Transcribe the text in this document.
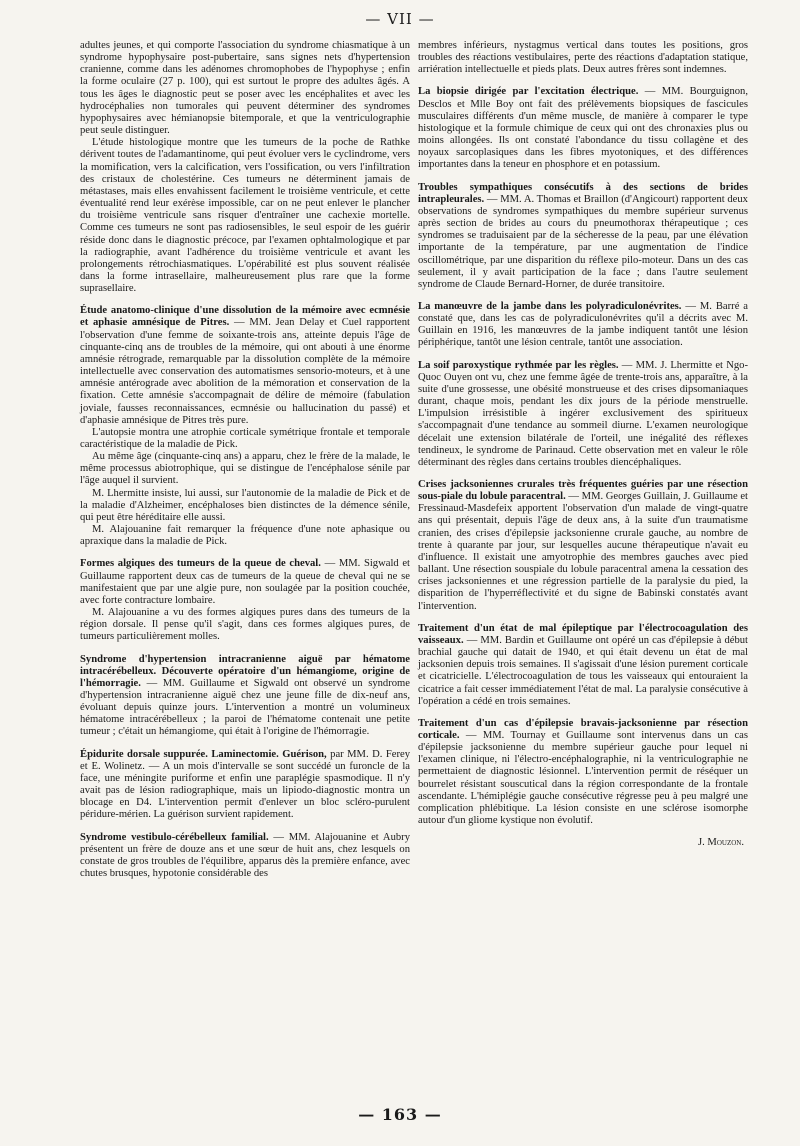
— VII —

adultes jeunes, et qui comporte l'association du syndrome chiasmatique à un syndrome hypophysaire post-pubertaire, sans signes nets d'hypertension cranienne, comme dans les adénomes chromophobes de l'hypophyse ; enfin la forme oculaire (27 p. 100), qui est surtout le propre des adultes âgés. A tous les âges le diagnostic peut se poser avec les encéphalites et avec les hydrocéphalies non tumorales qui peuvent déterminer des syndromes hypophysaires avec hémianopsie bitemporale, et que la ventriculographie peut seule distinguer.

L'étude histologique montre que les tumeurs de la poche de Rathke dérivent toutes de l'adamantinome, qui peut évoluer vers le cyclindrome, vers la momification, vers la calcification, vers l'ossification, ou vers l'infiltration des cristaux de cholestérine. Ces tumeurs ne déterminent jamais de métastases, mais elles envahissent facilement le troisième ventricule, et cette éventualité rend leur exérèse impossible, car on ne peut enlever le plancher du troisième ventricule sans risquer d'entraîner une cachexie mortelle. Comme ces tumeurs ne sont pas radiosensibles, le seul espoir de les guérir réside donc dans le diagnostic précoce, par l'examen ophtalmologique et par la radiographie, avant l'adhérence du troisième ventricule et avant les prolongements rétrochiasmatiques. L'opérabilité est plus souvent réalisée dans la forme intrasellaire, malheureusement plus rare que la forme suprasellaire.

Étude anatomo-clinique d'une dissolution de la mémoire avec ecmnésie et aphasie amnésique de Pitres. — MM. Jean Delay et Cuel rapportent l'observation d'une femme de soixante-trois ans, atteinte depuis l'âge de cinquante-cinq ans de troubles de la mémoire, qui ont abouti à une énorme amnésie rétrograde, remarquable par la dissolution complète de la mémoire intellectuelle avec conservation des automatismes sensorio-moteurs, et à une amnésie antérograde avec abolition de la mémoration et conservation de la fixation. Cette amnésie s'accompagnait de délire de mémoire (fabulation joviale, fausses reconnaissances, ecmnésie ou hallucination du passé) et d'aphasie amnésique de Pitres très pure.

L'autopsie montra une atrophie corticale symétrique frontale et temporale caractéristique de la maladie de Pick.

Au même âge (cinquante-cinq ans) a apparu, chez le frère de la malade, le même processus abiotrophique, qui se distingue de l'encéphalose sénile par l'âge auquel il survient.

M. Lhermitte insiste, lui aussi, sur l'autonomie de la maladie de Pick et de la maladie d'Alzheimer, encéphaloses bien distinctes de la démence sénile, qui peut être héréditaire elle aussi.

M. Alajouanine fait remarquer la fréquence d'une note aphasique ou apraxique dans la maladie de Pick.

Formes algiques des tumeurs de la queue de cheval. — MM. Sigwald et Guillaume rapportent deux cas de tumeurs de la queue de cheval qui ne se manifestaient que par une algie pure, non soulagée par la position couchée, avec forte contracture lombaire.

M. Alajouanine a vu des formes algiques pures dans des tumeurs de la région dorsale. Il pense qu'il s'agit, dans ces formes algiques pures, de tumeurs particulièrement molles.

Syndrome d'hypertension intracranienne aiguë par hématome intracérébelleux. Découverte opératoire d'un hémangiome, origine de l'hémorragie. — MM. Guillaume et Sigwald ont observé un syndrome d'hypertension intracranienne aiguë chez une jeune fille de dix-neuf ans, évoluant depuis quinze jours. L'intervention a montré un volumineux hématome intracérébelleux ; la paroi de l'hématome contenait une petite tumeur ; c'était un hémangiome, qui était à l'origine de l'hémorragie.

Épidurite dorsale suppurée. Laminectomie. Guérison, par MM. D. Ferey et E. Wolinetz. — A un mois d'intervalle se sont succédé un furoncle de la face, une méningite puriforme et enfin une paraplégie spasmodique. Il n'y avait pas de lésion radiographique, mais un lipiodo-diagnostic montra un blocage en D4. L'intervention permit d'enlever un bloc scléro-purulent péridure-mérien. La guérison survient rapidement.

Syndrome vestibulo-cérébelleux familial. — MM. Alajouanine et Aubry présentent un frère de douze ans et une sœur de huit ans, chez lesquels on constate de gros troubles de l'équilibre, apparus dès la première enfance, avec chutes brusques, hypotonie considérable des

membres inférieurs, nystagmus vertical dans toutes les positions, gros troubles des réactions vestibulaires, perte des réactions d'adaptation statique, arriération intellectuelle et pieds plats. Deux autres frères sont indemnes.

La biopsie dirigée par l'excitation électrique. — MM. Bourguignon, Desclos et Mlle Boy ont fait des prélèvements biopsiques de fascicules musculaires différents d'un même muscle, de manière à comparer le type histologique et la formule chimique de ceux qui ont des chronaxies plus ou moins allongées. Ils ont constaté l'abondance du tissu collagène et des noyaux sarcoplasiques dans les fibres myotoniques, et des différences importantes dans la teneur en phosphore et en potassium.

Troubles sympathiques consécutifs à des sections de brides intrapleurales. — MM. A. Thomas et Braillon (d'Angicourt) rapportent deux observations de syndromes sympathiques du membre supérieur survenus après section de brides au cours du pneumothorax thérapeutique ; ces syndromes se traduisaient par de la sécheresse de la peau, par une élévation importante de la température, par une augmentation de l'indice oscillométrique, par une disparition du réflexe pilo-moteur. Dans un des cas seulement, il y avait participation de la face ; dans l'autre seulement syndrome de Claude Bernard-Horner, de durée transitoire.

La manœuvre de la jambe dans les polyradiculonévrites. — M. Barré a constaté que, dans les cas de polyradiculonévrites qu'il a décrits avec M. Guillain en 1916, les manœuvres de la jambe indiquent tantôt une lésion périphérique, tantôt une lésion centrale, tantôt une association.

La soif paroxystique rythmée par les règles. — MM. J. Lhermitte et Ngo-Quoc Ouyen ont vu, chez une femme âgée de trente-trois ans, apparaître, à la suite d'une grossesse, une obésité monstrueuse et des crises dipsomaniaques durant, chaque mois, pendant les dix jours de la période menstruelle. L'impulsion irrésistible à ingérer exclusivement des spiritueux s'accompagnait d'une tendance au sommeil diurne. L'examen neurologique décelait une extension bilatérale de l'orteil, une inégalité des réflexes tendineux, le syndrome de Parinaud. Cette observation met en valeur le rôle déterminant des règles dans certains troubles diencéphaliques.

Crises jacksoniennes crurales très fréquentes guéries par une résection sous-piale du lobule paracentral. — MM. Georges Guillain, J. Guillaume et Fressinaud-Masdefeix apportent l'observation d'un malade de vingt-quatre ans qui présentait, depuis l'âge de deux ans, à la suite d'un traumatisme cranien, des crises d'épilepsie jacksonienne crurale gauche, au nombre de trente à quarante par jour, sur lesquelles aucune thérapeutique n'avait eu d'influence. Il existait une amyotrophie des membres gauches avec pied ballant. Une résection souspiale du lobule paracentral amena la cessation des crises jacksoniennes et une régression partielle de la paralysie du pied, la disparition de l'hyperréflectivité et du signe de Babinski constatés avant l'intervention.

Traitement d'un état de mal épileptique par l'électrocoagulation des vaisseaux. — MM. Bardin et Guillaume ont opéré un cas d'épilepsie à début brachial gauche qui datait de 1940, et qui était devenu un état de mal jacksonien depuis trois semaines. Il s'agissait d'une lésion purement corticale et cicatricielle. L'électrocoagulation de tous les vaisseaux qui entouraient la cicatrice a fait cesser immédiatement l'état de mal. La paralysie consécutive à l'opération a cédé en trois semaines.

Traitement d'un cas d'épilepsie bravais-jacksonienne par résection corticale. — MM. Tournay et Guillaume sont intervenus dans un cas d'épilepsie jacksonienne du membre supérieur gauche pour lequel ni l'examen clinique, ni l'électro-encéphalographie, ni la ventriculographie ne permettaient de diagnostic lésionnel. L'intervention permit de réséquer un bourrelet résistant souscutical dans la région correspondante de la frontale ascendante. L'hémiplégie gauche consécutive régresse peu à peu malgré une complication phlébitique. La lésion consiste en une sclérose isomorphe autour d'un gliome kystique non évolutif.

J. Mouzon.
— 163 —
